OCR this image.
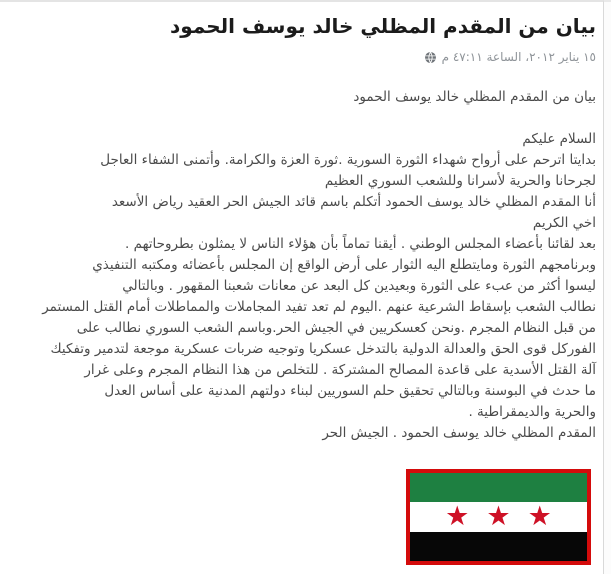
بيان من المقدم المظلي خالد يوسف الحمود
١٥ يناير ٢٠١٢، الساعة ٤٧:١١ م
بيان من المقدم المظلي خالد يوسف الحمود

السلام عليكم
بدايتا اترحم على أرواح شهداء الثورة السورية .ثورة العزة والكرامة. وأتمنى الشفاء العاجل
لجرحانا والحرية لأسرانا وللشعب السوري العظيم
أنا المقدم المظلي خالد يوسف الحمود أتكلم باسم قائد الجيش الحر العقيد رياض الأسعد
اخي الكريم
بعد لقائنا بأعضاء المجلس الوطني . أيقنا تماماً بأن هؤلاء الناس لا يمثلون بطروحاتهم .
وبرنامجهم الثورة ومايتطلع اليه الثوار على أرض الواقع إن المجلس بأعضائه ومكتبه التنفيذي
ليسوا أكثر من عبء على الثورة وبعيدين كل البعد عن معانات شعبنا المقهور . وبالتالي
نطالب الشعب بإسقاط الشرعية عنهم .اليوم لم تعد تفيد المجاملات والمماطلات أمام القتل المستمر
من قبل النظام المجرم .ونحن كعسكريين في الجيش الحر.وباسم الشعب السوري نطالب على
الفوركل قوى الحق والعدالة الدولية بالتدخل عسكريا وتوجيه ضربات عسكرية موجعة لتدمير وتفكيك
آلة القتل الأسدية على قاعدة المصالح المشتركة . للتخلص من هذا النظام المجرم وعلى غرار
ما حدث في البوسنة وبالتالي تحقيق حلم السوريين لبناء دولتهم المدنية على أساس العدل
والحرية والديمقراطية .
المقدم المظلي خالد يوسف الحمود . الجيش الحر
★
★
★
